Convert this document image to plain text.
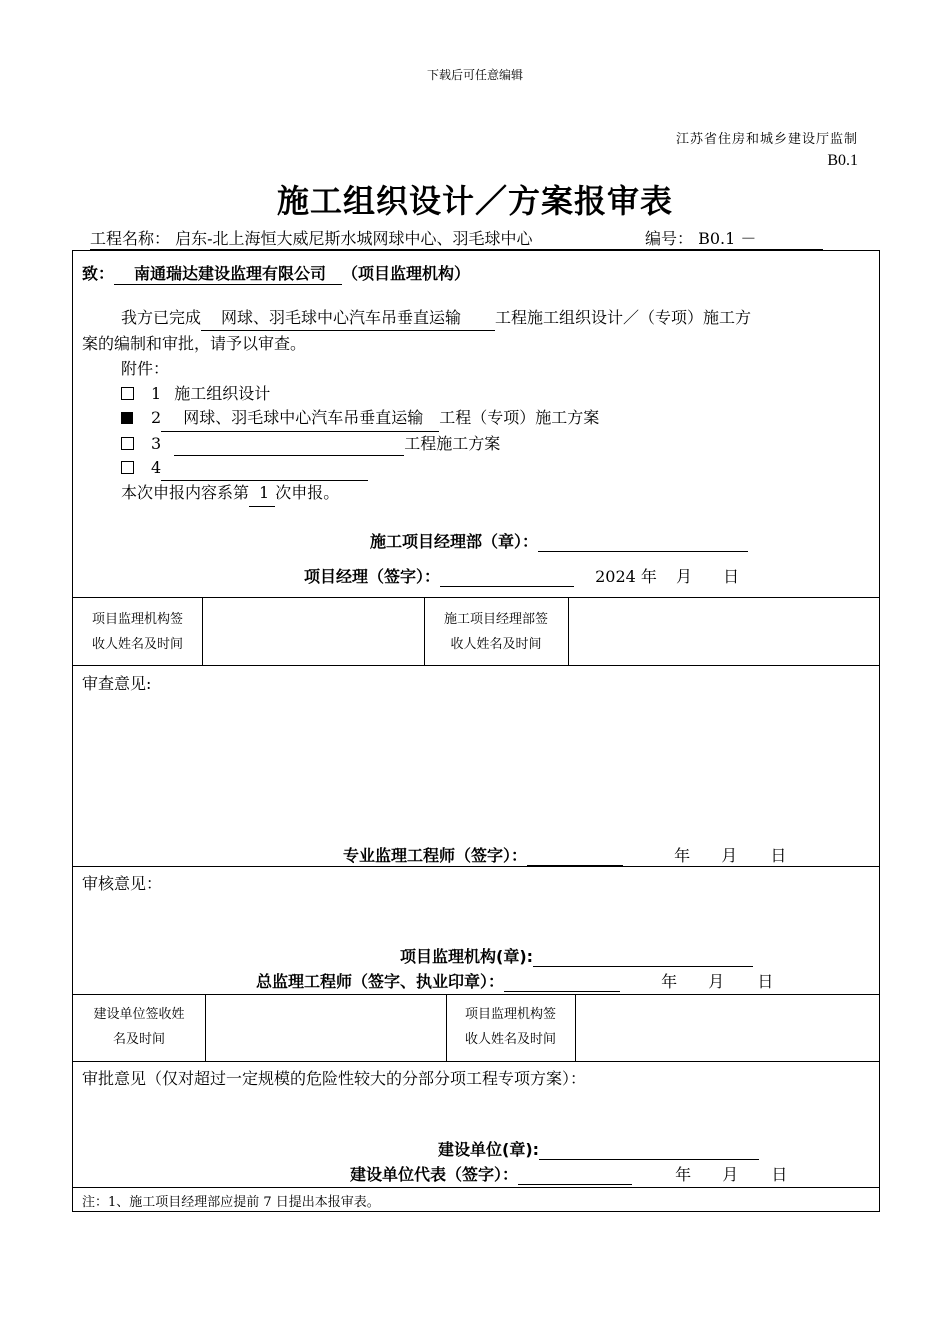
下载后可任意编辑
江苏省住房和城乡建设厅监制
B0.1
施工组织设计／方案报审表
工程名称： 启东-北上海恒大威尼斯水城网球中心、羽毛球中心	编号： B0.1 －
致： 南通瑞达建设监理有限公司 （项目监理机构）
我方已完成 网球、羽毛球中心汽车吊垂直运输 工程施工组织设计／（专项）施工方
案的编制和审批，请予以审查。
附件：
1 施工组织设计
2 网球、羽毛球中心汽车吊垂直运输 工程（专项）施工方案
3	工程施工方案
4
本次申报内容系第 1 次申报。
施工项目经理部（章）：
项目经理（签字）：	2024 年 月 日
项目监理机构签
收人姓名及时间
施工项目经理部签
收人姓名及时间
审查意见:
专业监理工程师（签字）：	年 月 日
审核意见：
项目监理机构(章):
总监理工程师（签字、执业印章）：	年 月 日
建设单位签收姓
名及时间
项目监理机构签
收人姓名及时间
审批意见（仅对超过一定规模的危险性较大的分部分项工程专项方案）：
建设单位(章):
建设单位代表（签字）：	年 月 日
注：1、施工项目经理部应提前 7 日提出本报审表。
